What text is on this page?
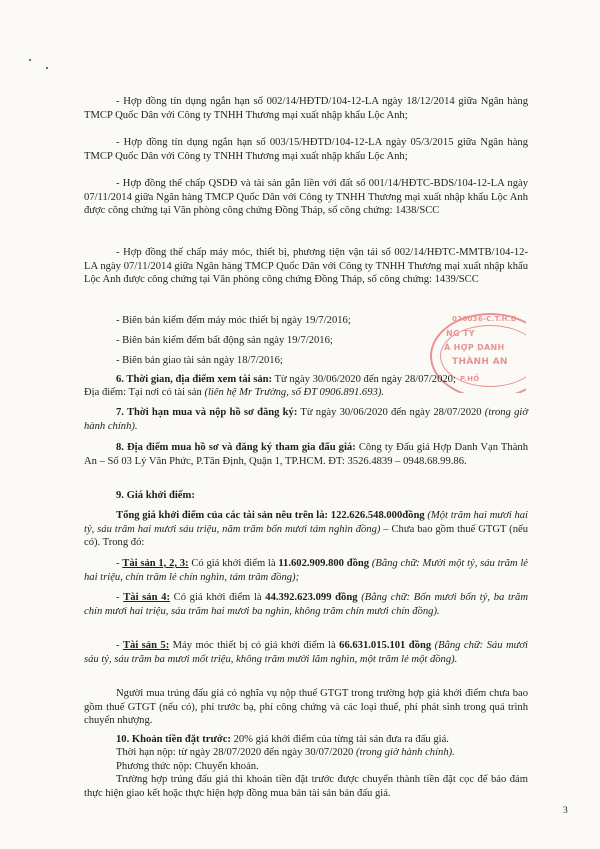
- Hợp đồng tín dụng ngắn hạn số 002/14/HĐTD/104-12-LA ngày 18/12/2014 giữa Ngân hàng TMCP Quốc Dân với Công ty TNHH Thương mại xuất nhập khẩu Lộc Anh;

- Hợp đồng tín dụng ngắn hạn số 003/15/HĐTD/104-12-LA ngày 05/3/2015 giữa Ngân hàng TMCP Quốc Dân với Công ty TNHH Thương mại xuất nhập khẩu Lộc Anh;

- Hợp đồng thế chấp QSDĐ và tài sản gắn liền với đất số 001/14/HĐTC-BDS/104-12-LA ngày 07/11/2014 giữa Ngân hàng TMCP Quốc Dân với Công ty TNHH Thương mại xuất nhập khẩu Lộc Anh được công chứng tại Văn phòng công chứng Đồng Tháp, số công chứng: 1438/SCC

- Hợp đồng thế chấp máy móc, thiết bị, phương tiện vận tải số 002/14/HĐTC-MMTB/104-12-LA ngày 07/11/2014 giữa Ngân hàng TMCP Quốc Dân với Công ty TNHH Thương mại xuất nhập khẩu Lộc Anh được công chứng tại Văn phòng công chứng Đồng Tháp, số công chứng: 1439/SCC

- Biên bản kiểm đếm máy móc thiết bị ngày 19/7/2016;

- Biên bản kiểm đếm bất động sản ngày 19/7/2016;

- Biên bản giao tài sản ngày 18/7/2016;

020036-C.T.H.D
NG TY
Á HỢP DANH
THÀNH AN
P.HỒ

6. Thời gian, địa điểm xem tài sản: Từ ngày 30/06/2020 đến ngày 28/07/2020;

Địa điểm: Tại nơi có tài sản (liên hệ Mr Trường, số ĐT 0906.891.693).

7. Thời hạn mua và nộp hồ sơ đăng ký: Từ ngày 30/06/2020 đến ngày 28/07/2020 (trong giờ hành chính).

8. Địa điểm mua hồ sơ và đăng ký tham gia đấu giá: Công ty Đấu giá Hợp Danh Vạn Thành An – Số 03 Lý Văn Phức, P.Tân Định, Quận 1, TP.HCM. ĐT: 3526.4839 – 0948.68.99.86.

9. Giá khởi điểm:

Tổng giá khởi điểm của các tài sản nêu trên là: 122.626.548.000đồng (Một trăm hai mươi hai tỷ, sáu trăm hai mươi sáu triệu, năm trăm bốn mươi tám nghìn đồng) – Chưa bao gồm thuế GTGT (nếu có). Trong đó:

- Tài sản 1, 2, 3: Có giá khởi điểm là 11.602.909.800 đồng (Bằng chữ: Mười một tỷ, sáu trăm lẻ hai triệu, chín trăm lẻ chín nghìn, tám trăm đồng);

- Tài sản 4: Có giá khởi điểm là 44.392.623.099 đồng (Bằng chữ: Bốn mươi bốn tỷ, ba trăm chín mươi hai triệu, sáu trăm hai mươi ba nghìn, không trăm chín mươi chín đồng).

- Tài sản 5: Máy móc thiết bị có giá khởi điểm là 66.631.015.101 đồng (Bằng chữ: Sáu mươi sáu tỷ, sáu trăm ba mươi mốt triệu, không trăm mười lăm nghìn, một trăm lẻ một đồng).

Người mua trúng đấu giá có nghĩa vụ nộp thuế GTGT trong trường hợp giá khởi điểm chưa bao gồm thuế GTGT (nếu có), phí trước bạ, phí công chứng và các loại thuế, phí phát sinh trong quá trình chuyển nhượng.

10. Khoản tiền đặt trước: 20% giá khởi điểm của từng tài sản đưa ra đấu giá.

Thời hạn nộp: từ ngày 28/07/2020 đến ngày 30/07/2020 (trong giờ hành chính).

Phương thức nộp: Chuyển khoản.

Trường hợp trúng đấu giá thì khoản tiền đặt trước được chuyển thành tiền đặt cọc để bảo đảm thực hiện giao kết hoặc thực hiện hợp đồng mua bán tài sản bán đấu giá.

3
